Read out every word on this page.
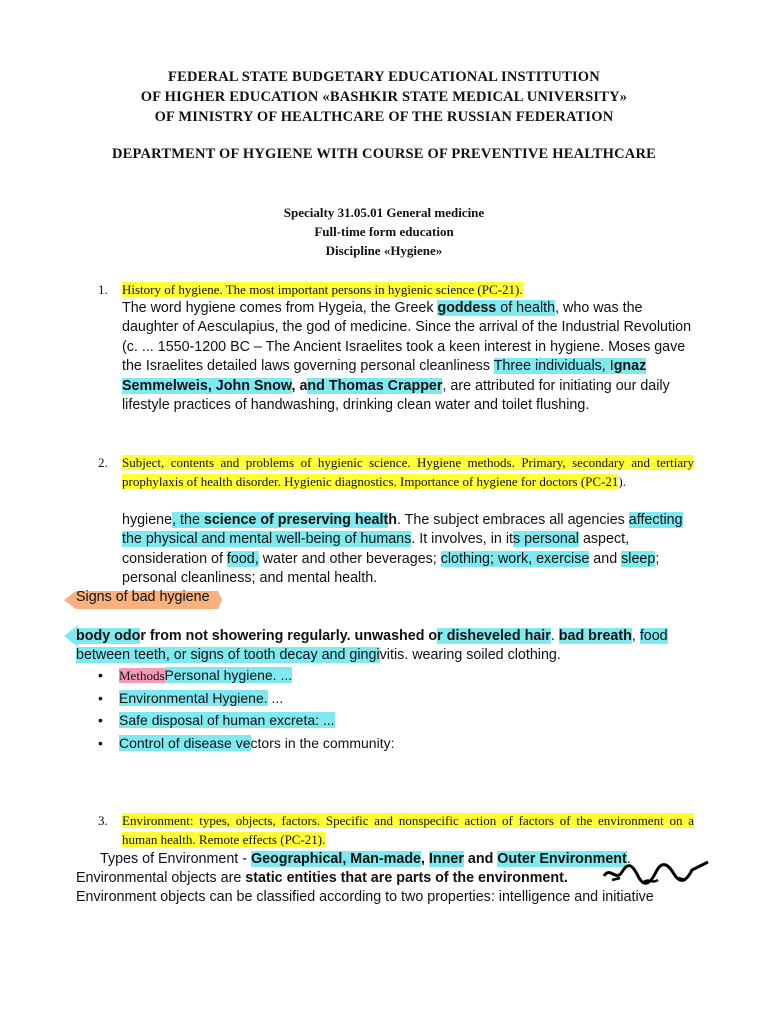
FEDERAL STATE BUDGETARY EDUCATIONAL INSTITUTION
OF HIGHER EDUCATION «BASHKIR STATE MEDICAL UNIVERSITY»
OF MINISTRY OF HEALTHCARE OF THE RUSSIAN FEDERATION
DEPARTMENT OF HYGIENE WITH COURSE OF PREVENTIVE HEALTHCARE
Specialty 31.05.01 General medicine
Full-time form education
Discipline «Hygiene»
1. History of hygiene. The most important persons in hygienic science (PC-21).
The word hygiene comes from Hygeia, the Greek goddess of health, who was the daughter of Aesculapius, the god of medicine. Since the arrival of the Industrial Revolution (c. ... 1550-1200 BC – The Ancient Israelites took a keen interest in hygiene. Moses gave the Israelites detailed laws governing personal cleanliness Three individuals, Ignaz Semmelweis, John Snow, and Thomas Crapper, are attributed for initiating our daily lifestyle practices of handwashing, drinking clean water and toilet flushing.
2. Subject, contents and problems of hygienic science. Hygiene methods. Primary, secondary and tertiary prophylaxis of health disorder. Hygienic diagnostics. Importance of hygiene for doctors (PC-21).
hygiene, the science of preserving health. The subject embraces all agencies affecting the physical and mental well-being of humans. It involves, in its personal aspect, consideration of food, water and other beverages; clothing; work, exercise and sleep; personal cleanliness; and mental health.
Signs of bad hygiene
body odor from not showering regularly. unwashed or disheveled hair. bad breath, food between teeth, or signs of tooth decay and gingivitis. wearing soiled clothing.
• MethodsPersonal hygiene. ...
• Environmental Hygiene. ...
• Safe disposal of human excreta: ...
• Control of disease vectors in the community:
3. Environment: types, objects, factors. Specific and nonspecific action of factors of the environment on a human health. Remote effects (PC-21).
Types of Environment - Geographical, Man-made, Inner and Outer Environment.
Environmental objects are static entities that are parts of the environment.
Environment objects can be classified according to two properties: intelligence and initiative
